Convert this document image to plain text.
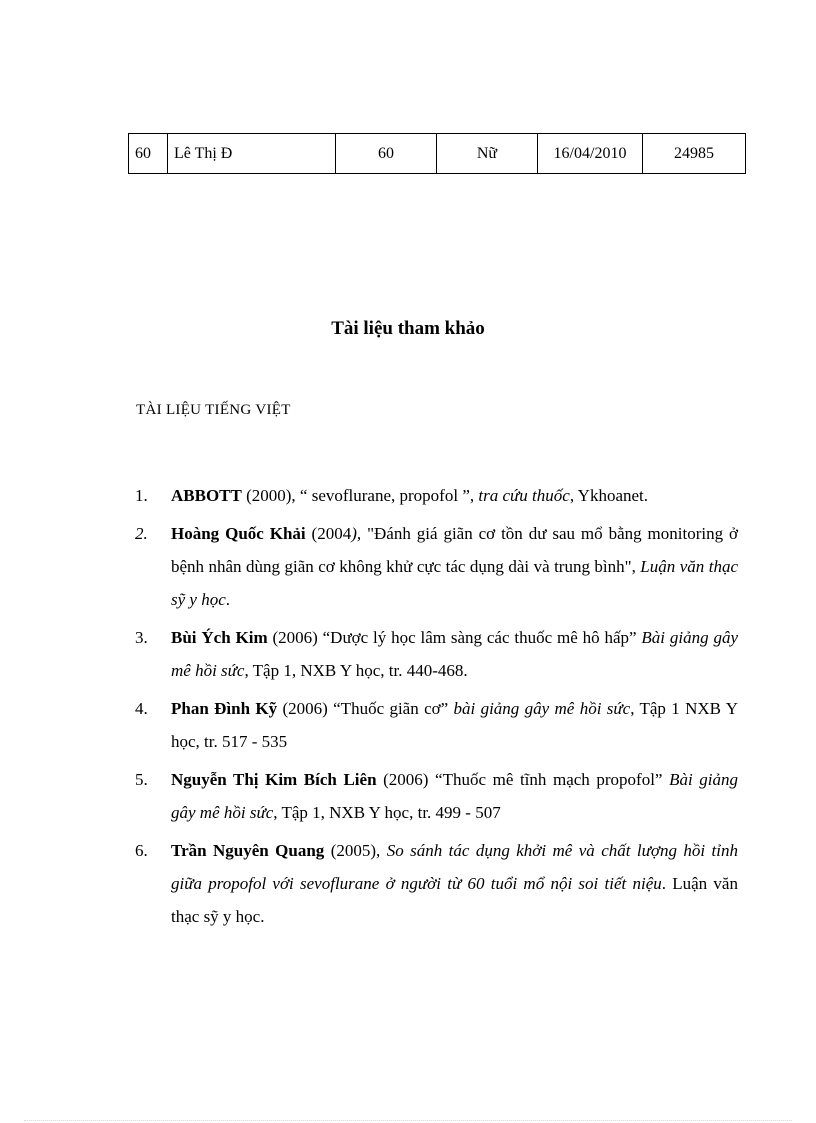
60	Lê Thị Đ	60	Nữ	16/04/2010	24985
Tài liệu tham khảo
TÀI LIỆU TIẾNG VIỆT
1. ABBOTT (2000), “ sevoflurane, propofol ”, tra cứu thuốc, Ykhoanet.
2. Hoàng Quốc Khải (2004), "Đánh giá giãn cơ tồn dư sau mổ bằng monitoring ở bệnh nhân dùng giãn cơ không khử cực tác dụng dài và trung bình", Luận văn thạc sỹ y học.
3. Bùi Ých Kim (2006) “Dược lý học lâm sàng các thuốc mê hô hấp” Bài giảng gây mê hồi sức, Tập 1, NXB Y học, tr. 440-468.
4. Phan Đình Kỹ (2006) “Thuốc giãn cơ” bài giảng gây mê hồi sức, Tập 1 NXB Y học, tr. 517 - 535
5. Nguyễn Thị Kim Bích Liên (2006) “Thuốc mê tĩnh mạch propofol” Bài giảng gây mê hồi sức, Tập 1, NXB Y học, tr. 499 - 507
6. Trần Nguyên Quang (2005), So sánh tác dụng khởi mê và chất lượng hồi tỉnh giữa propofol với sevoflurane ở người từ 60 tuổi mổ nội soi tiết niệu. Luận văn thạc sỹ y học.
